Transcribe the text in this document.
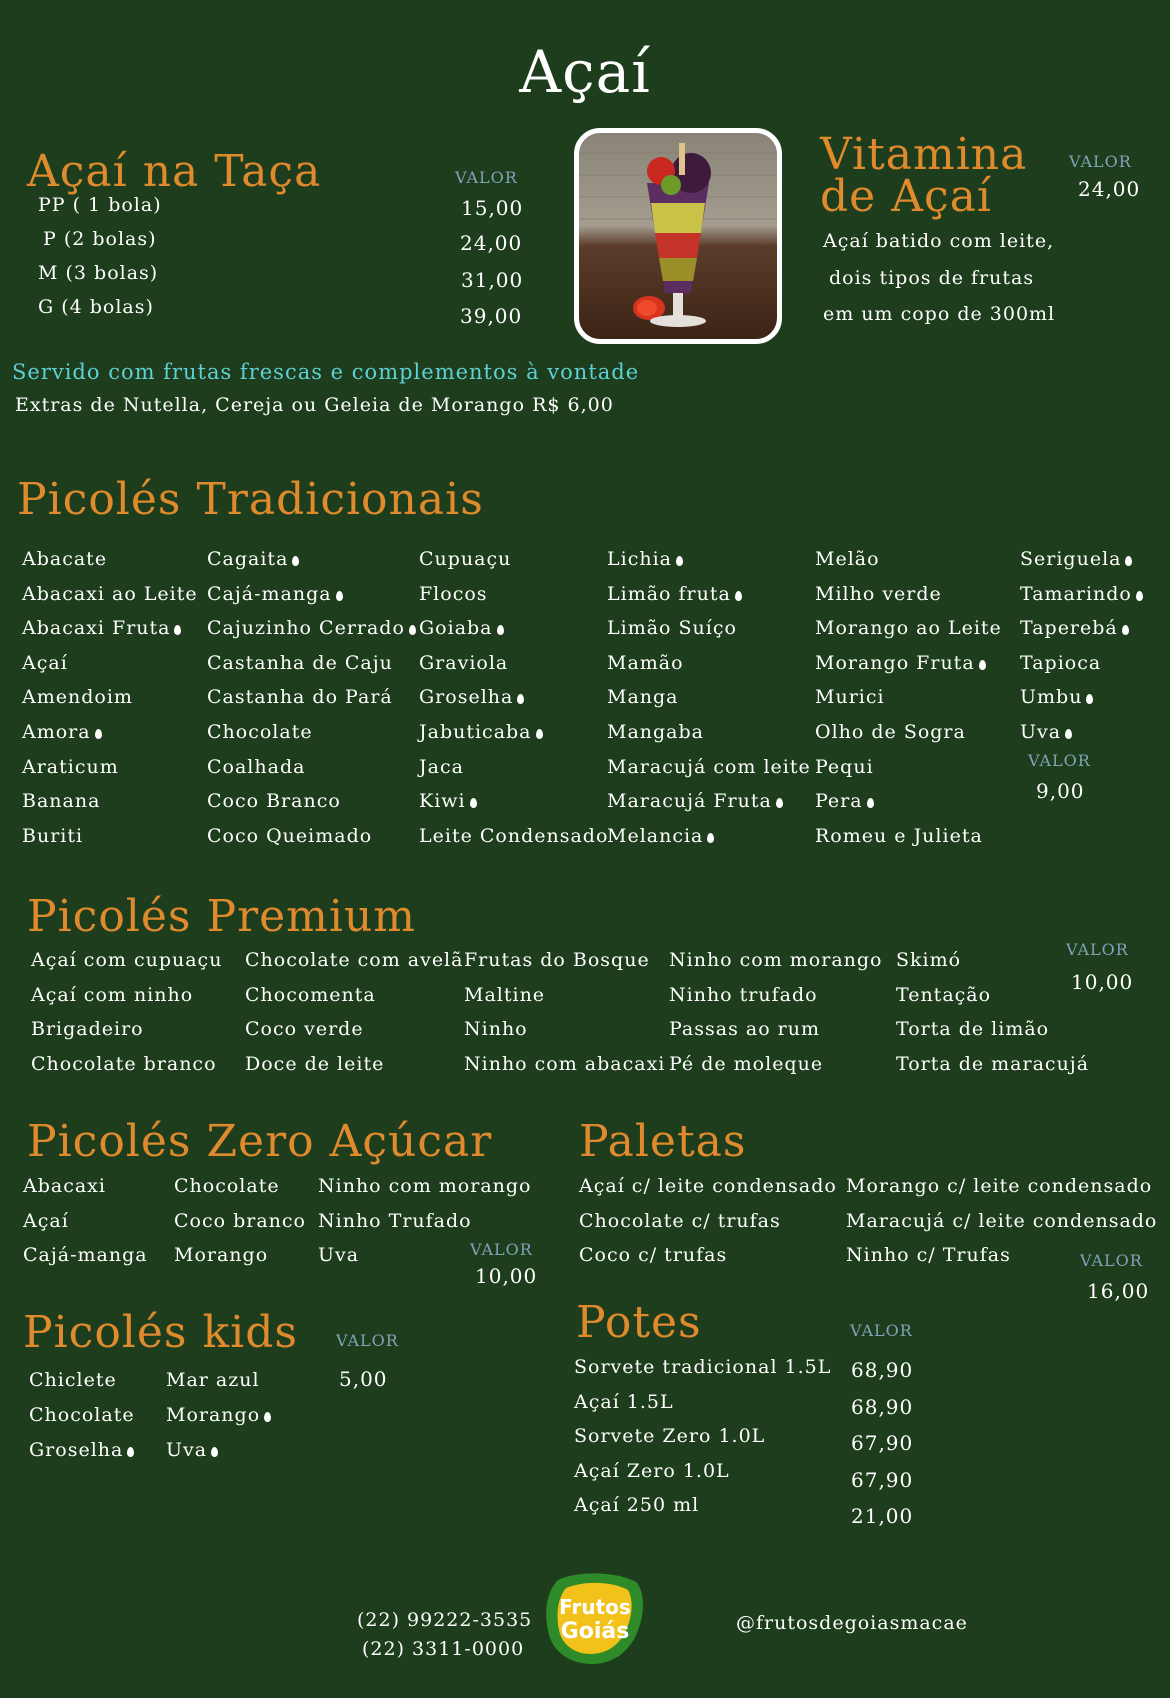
Açaí
Açaí na Taça	VALOR
PP ( 1 bola)	15,00
P (2 bolas)	24,00
M (3 bolas)	31,00
G (4 bolas)	39,00
Vitamina
de Açaí
VALOR
24,00
Açaí batido com leite,
dois tipos de frutas
em um copo de 300ml
Servido com frutas frescas e complementos à vontade
Extras de Nutella, Cereja ou Geleia de Morango R$ 6,00
Picolés Tradicionais
Abacate
Abacaxi ao Leite
Abacaxi Fruta
Açaí
Amendoim
Amora
Araticum
Banana
Buriti
Cagaita
Cajá-manga
Cajuzinho Cerrado
Castanha de Caju
Castanha do Pará
Chocolate
Coalhada
Coco Branco
Coco Queimado
Cupuaçu
Flocos
Goiaba
Graviola
Groselha
Jabuticaba
Jaca
Kiwi
Leite Condensado
Lichia
Limão fruta
Limão Suíço
Mamão
Manga
Mangaba
Maracujá com leite
Maracujá Fruta
Melancia
Melão
Milho verde
Morango ao Leite
Morango Fruta
Murici
Olho de Sogra
Pequi
Pera
Romeu e Julieta
Seriguela
Tamarindo
Taperebá
Tapioca
Umbu
Uva
VALOR
9,00
Picolés Premium
Açaí com cupuaçu
Açaí com ninho
Brigadeiro
Chocolate branco
Chocolate com avelã
Chocomenta
Coco verde
Doce de leite
Frutas do Bosque
Maltine
Ninho
Ninho com abacaxi
Ninho com morango
Ninho trufado
Passas ao rum
Pé de moleque
Skimó
Tentação
Torta de limão
Torta de maracujá
VALOR
10,00
Picolés Zero Açúcar
Abacaxi
Açaí
Cajá-manga
Chocolate
Coco branco
Morango
Ninho com morango
Ninho Trufado
Uva	VALOR
10,00
Paletas
Açaí c/ leite condensado
Chocolate c/ trufas
Coco c/ trufas
Morango c/ leite condensado
Maracujá c/ leite condensado
Ninho c/ Trufas	VALOR
16,00
Picolés kids VALOR
5,00
Chiclete
Chocolate
Groselha
Mar azul
Morango
Uva
Potes	VALOR
Sorvete tradicional 1.5L 68,90
Açaí 1.5L	68,90
Sorvete Zero 1.0L	67,90
Açaí Zero 1.0L	67,90
Açaí 250 ml	21,00
(22) 99222-3535
(22) 3311-0000
Frutos
Goiás	@frutosdegoiasmacae
